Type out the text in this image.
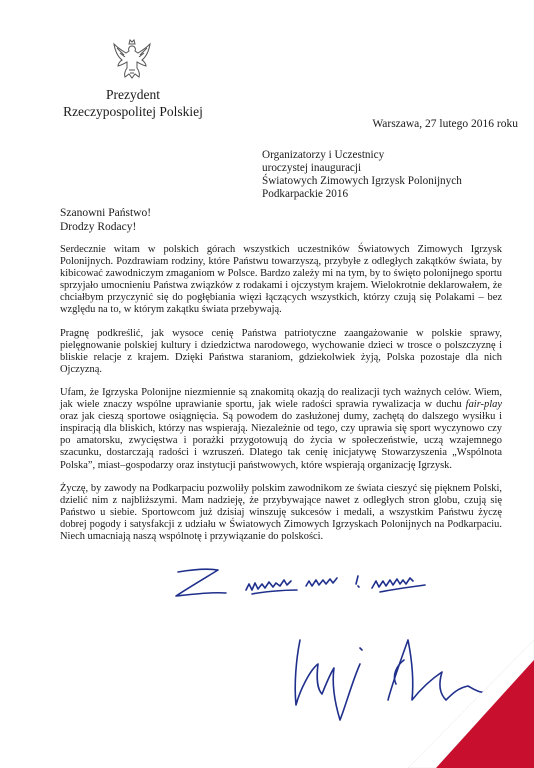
Prezydent
Rzeczypospolitej Polskiej
Warszawa, 27 lutego 2016 roku
Organizatorzy i Uczestnicy
uroczystej inauguracji
Światowych Zimowych Igrzysk Polonijnych
Podkarpackie 2016
Szanowni Państwo!
Drodzy Rodacy!

Serdecznie witam w polskich górach wszystkich uczestników Światowych Zimowych Igrzysk Polonijnych. Pozdrawiam rodziny, które Państwu towarzyszą, przybyłe z odległych zakątków świata, by kibicować zawodniczym zmaganiom w Polsce. Bardzo zależy mi na tym, by to święto polonijnego sportu sprzyjało umocnieniu Państwa związków z rodakami i ojczystym krajem. Wielokrotnie deklarowałem, że chciałbym przyczynić się do pogłębiania więzi łączących wszystkich, którzy czują się Polakami – bez względu na to, w którym zakątku świata przebywają.

Pragnę podkreślić, jak wysoce cenię Państwa patriotyczne zaangażowanie w polskie sprawy, pielęgnowanie polskiej kultury i dziedzictwa narodowego, wychowanie dzieci w trosce o polszczyznę i bliskie relacje z krajem. Dzięki Państwa staraniom, gdziekolwiek żyją, Polska pozostaje dla nich Ojczyzną.

Ufam, że Igrzyska Polonijne niezmiennie są znakomitą okazją do realizacji tych ważnych celów. Wiem, jak wiele znaczy wspólne uprawianie sportu, jak wiele radości sprawia rywalizacja w duchu fair-play oraz jak cieszą sportowe osiągnięcia. Są powodem do zasłużonej dumy, zachętą do dalszego wysiłku i inspiracją dla bliskich, którzy nas wspierają. Niezależnie od tego, czy uprawia się sport wyczynowo czy po amatorsku, zwycięstwa i porażki przygotowują do życia w społeczeństwie, uczą wzajemnego szacunku, dostarczają radości i wzruszeń. Dlatego tak cenię inicjatywę Stowarzyszenia „Wspólnota Polska”, miast–gospodarzy oraz instytucji państwowych, które wspierają organizację Igrzysk.

Życzę, by zawody na Podkarpaciu pozwoliły polskim zawodnikom ze świata cieszyć się pięknem Polski, dzielić nim z najbliższymi. Mam nadzieję, że przybywające nawet z odległych stron globu, czują się Państwo u siebie. Sportowcom już dzisiaj winszuję sukcesów i medali, a wszystkim Państwu życzę dobrej pogody i satysfakcji z udziału w Światowych Zimowych Igrzyskach Polonijnych na Podkarpaciu. Niech umacniają naszą wspólnotę i przywiązanie do polskości.
